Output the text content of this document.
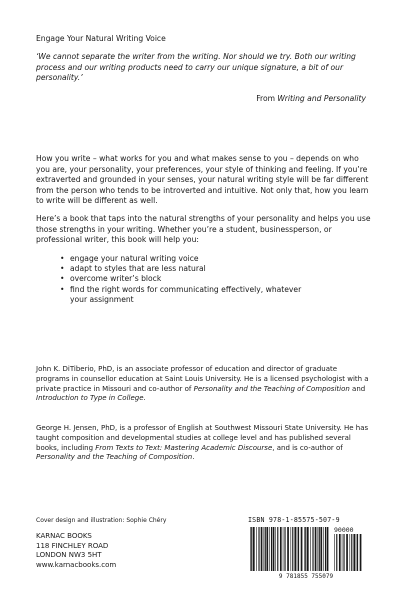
Engage Your Natural Writing Voice

‘We cannot separate the writer from the writing. Nor should we try. Both our writing process and our writing products need to carry our unique signature, a bit of our personality.’

From Writing and Personality

How you write – what works for you and what makes sense to you – depends on who you are, your personality, your preferences, your style of thinking and feeling. If you’re extraverted and grounded in your senses, your natural writing style will be far different from the person who tends to be introverted and intuitive. Not only that, how you learn to write will be different as well.

Here’s a book that taps into the natural strengths of your personality and helps you use those strengths in your writing. Whether you’re a student, businessperson, or professional writer, this book will help you:

• engage your natural writing voice
• adapt to styles that are less natural
• overcome writer’s block
• find the right words for communicating effectively, whatever
your assignment

John K. DiTiberio, PhD, is an associate professor of education and director of graduate programs in counsellor education at Saint Louis University. He is a licensed psychologist with a private practice in Missouri and co-author of Personality and the Teaching of Composition and Introduction to Type in College.

George H. Jensen, PhD, is a professor of English at Southwest Missouri State University. He has taught composition and developmental studies at college level and has published several books, including From Texts to Text: Mastering Academic Discourse, and is co-author of Personality and the Teaching of Composition.

Cover design and illustration: Sophie Chéry
KARNAC BOOKS
118 FINCHLEY ROAD
LONDON NW3 5HT
www.karnacbooks.com
ISBN 978-1-85575-507-9
90000
9 781855 755079
